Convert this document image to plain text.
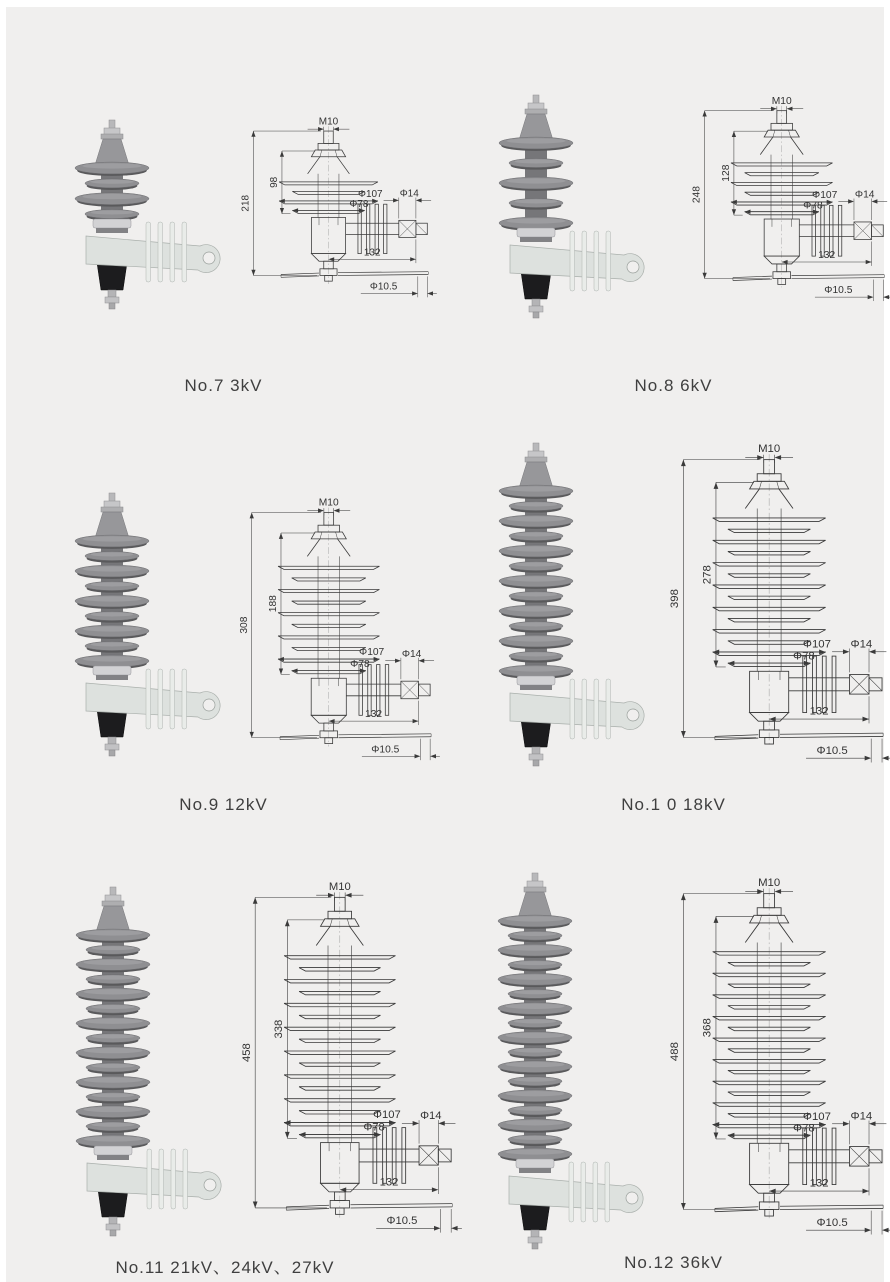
M10
Φ107
Φ78
Φ14
132
Φ10.5
218
98
No.7 3kV
M10
Φ107
Φ78
Φ14
132
Φ10.5
248
128
No.8 6kV
M10
Φ107
Φ78
Φ14
132
Φ10.5
308
188
No.9 12kV
M10
Φ107
Φ78
Φ14
132
Φ10.5
398
278
No.1 0 18kV
M10
Φ107
Φ78
Φ14
132
Φ10.5
458
338
No.11 21kV、24kV、27kV
M10
Φ107
Φ78
Φ14
132
Φ10.5
488
368
No.12 36kV
